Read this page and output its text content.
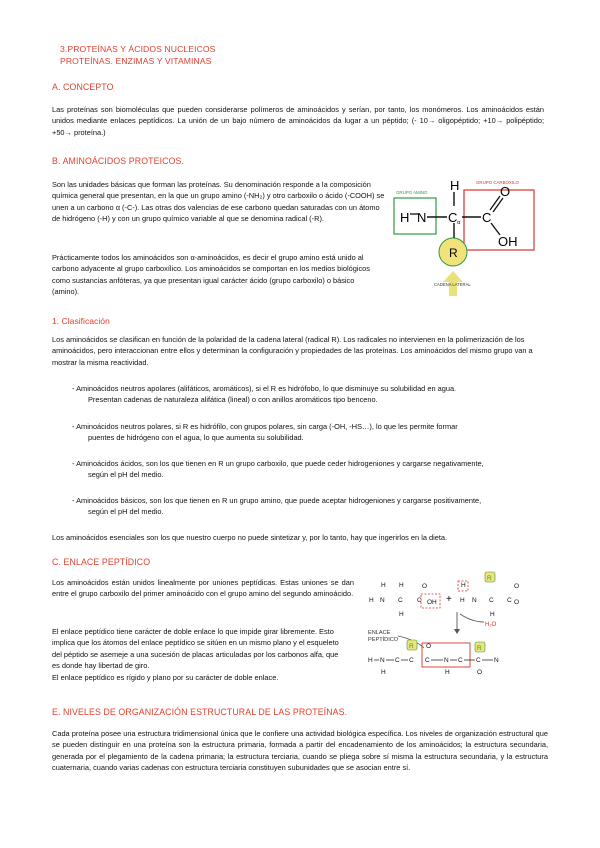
3.PROTEÍNAS Y ÁCIDOS NUCLEICOS
PROTEÍNAS. ENZIMAS Y VITAMINAS
A. CONCEPTO
Las proteínas son biomoléculas que pueden considerarse polímeros de aminoácidos y serían, por tanto, los monómeros. Los aminoácidos están unidos mediante enlaces peptídicos. La unión de un bajo número de aminoácidos da lugar a un péptido; (- 10→ oligopéptido; +10→ polipéptido; +50→ proteína.)
B. AMINOÁCIDOS PROTEICOS.
Son las unidades básicas que forman las proteínas. Su denominación responde a la composición química general que presentan, en la que un grupo amino (-NH₂) y otro carboxilo o ácido (-COOH) se unen a un carbono α (-C-). Las otras dos valencias de ese carbono quedan saturadas con un átomo de hidrógeno (-H) y con un grupo químico variable al que se denomina radical (-R).
Prácticamente todos los aminoácidos son α-aminoácidos, es decir el grupo amino está unido al carbono adyacente al grupo carboxílico. Los aminoácidos se comportan en los medios biológicos como sustancias anfóteras, ya que presentan igual carácter ácido (grupo carboxilo) o básico (amino).
GRUPO AMINO
GRUPO CARBOXILO
CADENA LATERAL
H
H N C α
R
C
O
OH
1. Clasificación
Los aminoácidos se clasifican en función de la polaridad de la cadena lateral (radical R). Los radicales no intervienen en la polimerización de los aminoácidos, pero interaccionan entre ellos y determinan la configuración y propiedades de las proteínas. Los aminoácidos del mismo grupo van a mostrar la misma reactividad.
- Aminoácidos neutros apolares (alifáticos, aromáticos), si el R es hidrófobo, lo que disminuye su solubilidad en agua.
Presentan cadenas de naturaleza alifática (lineal) o con anillos aromáticos tipo benceno.
- Aminoácidos neutros polares, si R es hidrófilo, con grupos polares, sin carga (-OH, -HS…), lo que les permite formar
puentes de hidrógeno con el agua, lo que aumenta su solubilidad.
- Aminoácidos ácidos, son los que tienen en R un grupo carboxilo, que puede ceder hidrogeniones y cargarse negativamente,
según el pH del medio.
- Aminoácidos básicos, son los que tienen en R un grupo amino, que puede aceptar hidrogeniones y cargarse positivamente,
según el pH del medio.
Los aminoácidos esenciales son los que nuestro cuerpo no puede sintetizar y, por lo tanto, hay que ingerirlos en la dieta.
C. ENLACE PEPTÍDICO
Los aminoácidos están unidos linealmente por uniones peptídicas. Estas uniones se dan entre el grupo carboxilo del primer aminoácido con el grupo amino del segundo aminoácido.
El enlace peptídico tiene carácter de doble enlace lo que impide girar libremente. Esto implica que los átomos del enlace peptídico se sitúen en un mismo plano y el esqueleto del péptido se asemeje a una sucesión de placas articuladas por los carbonos alfa, que es donde hay libertad de giro.
El enlace peptídico es rígido y plano por su carácter de doble enlace.
H N C C
H H
H
O
OH	H N C C
H
H
O
O
R
+
H₂O
ENLACE
PEPTÍDICO
R
R
H N C C C N C C N
H
O
H	O
E. NIVELES DE ORGANIZACIÓN ESTRUCTURAL DE LAS PROTEÍNAS.
Cada proteína posee una estructura tridimensional única que le confiere una actividad biológica específica. Los niveles de organización estructural que se pueden distinguir en una proteína son la estructura primaria, formada a partir del encadenamiento de los aminoácidos; la estructura secundaria, generada por el plegamiento de la cadena primaria; la estructura terciaria, cuando se pliega sobre sí misma la estructura secundaria, y la estructura cuaternaria, cuando varias cadenas con estructura terciaria constituyen subunidades que se asocian entre sí.
